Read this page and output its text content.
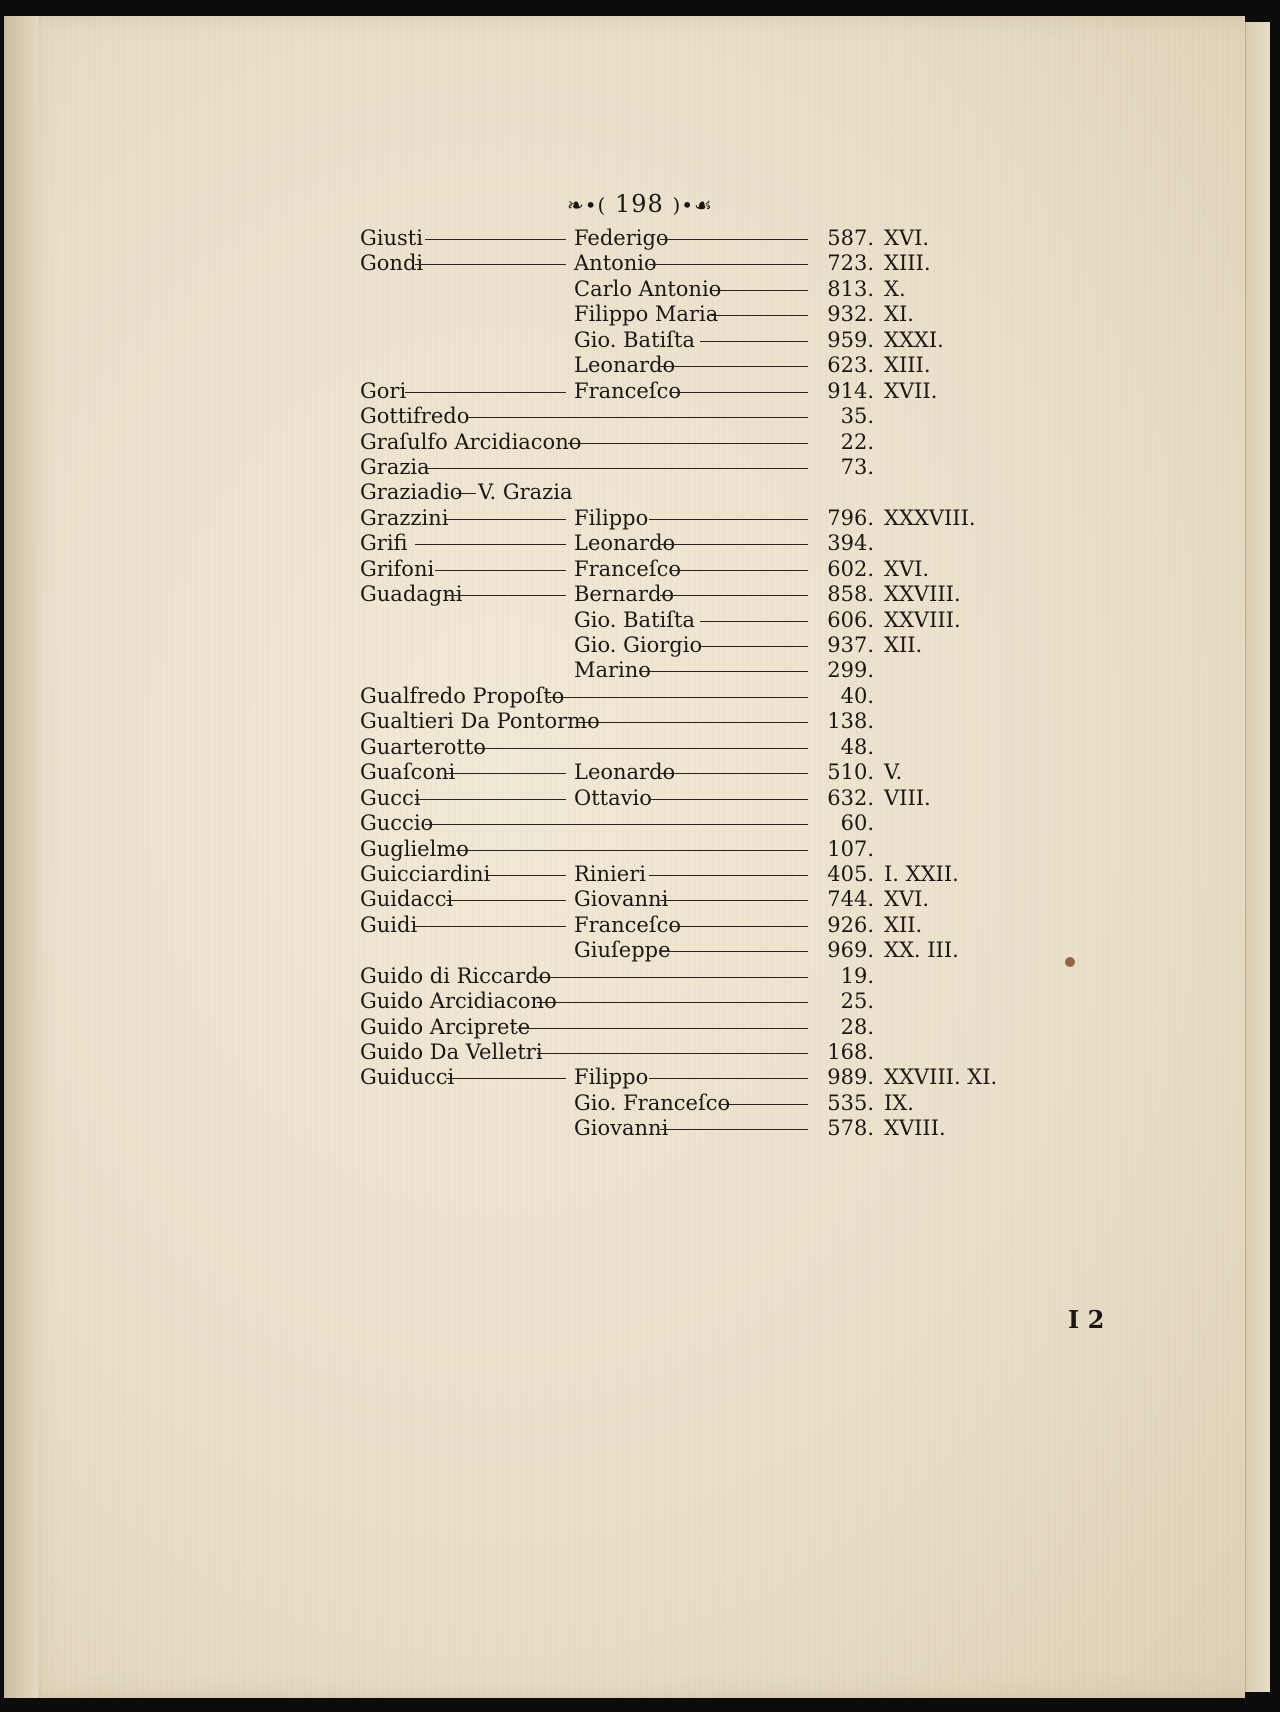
❧•( 198 )•☙
Giusti	Federigo	587. XVI.
Gondi	Antonio	723. XIII.
Carlo Antonio	813. X.
Filippo Maria	932. XI.
Gio. Batiſta	959. XXXI.
Leonardo	623. XIII.
Gori	Franceſco	914. XVII.
Gottifredo	35.
Graſulfo Arcidiacono	22.
Grazia	73.
Graziadio V. Grazia
Grazzini	Filippo	796. XXXVIII.
Grifi	Leonardo	394.
Grifoni	Franceſco	602. XVI.
Guadagni	Bernardo	858. XXVIII.
Gio. Batiſta	606. XXVIII.
Gio. Giorgio	937. XII.
Marino	299.
Gualfredo Propoſto	40.
Gualtieri Da Pontormo	138.
Guarterotto	48.
Guaſconi	Leonardo	510. V.
Gucci	Ottavio	632. VIII.
Guccio	60.
Guglielmo	107.
Guicciardini	Rinieri	405. I. XXII.
Guidacci	Giovanni	744. XVI.
Guidi	Franceſco	926. XII.
Giuſeppe	969. XX. III.
Guido di Riccardo	19.
Guido Arcidiacono	25.
Guido Arciprete	28.
Guido Da Velletri	168.
Guiducci	Filippo	989. XXVIII. XI.
Gio. Franceſco	535. IX.
Giovanni	578. XVIII.
I 2
